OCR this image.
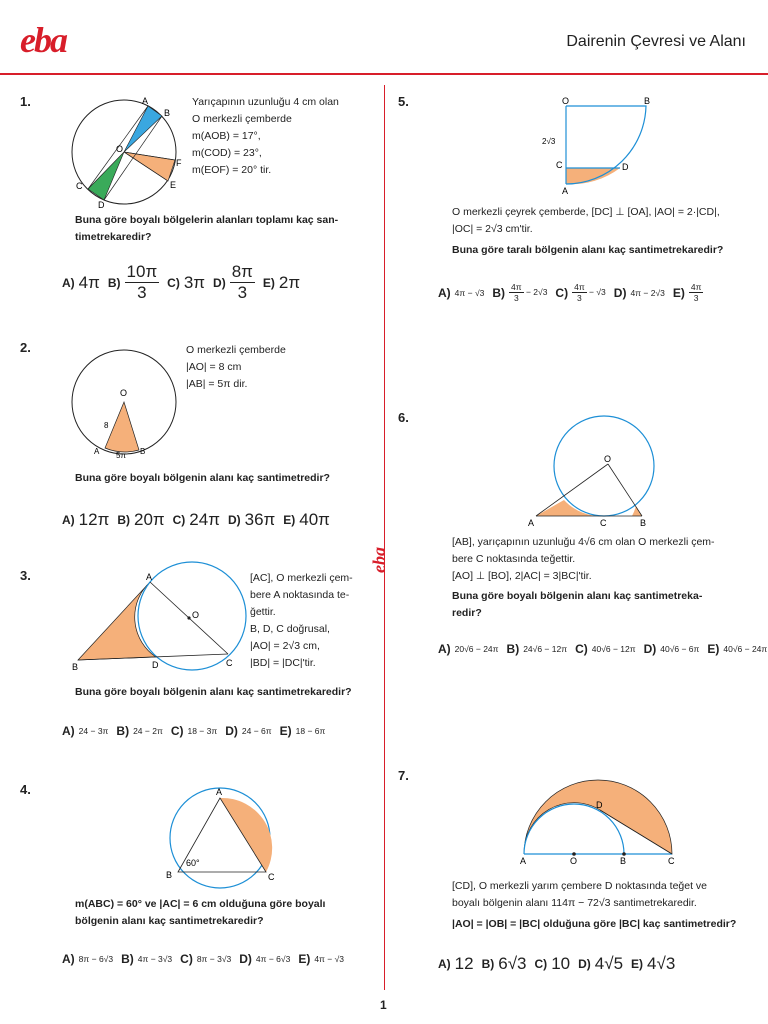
eba	Dairenin Çevresi ve Alanı
eba
1.	A
B
O
F
E
C
D
Yarıçapının uzunluğu 4 cm olan
O merkezli çemberde
m(AOB) = 17°,
m(COD) = 23°,
m(EOF) = 20° tir.
Buna göre boyalı bölgelerin alanları toplamı kaç san-
timetrekaredir?
A) 4π $B) \frac{10\pi}{3} C$) 3π $D) \frac{8\pi}{3} E$) 2π
2.
O
8
A	B
5π
O merkezli çemberde
|AO| = 8 cm
|AB| = 5π dir.
Buna göre boyalı bölgenin alanı kaç santimetredir?
A) 12π B) 20π C) 24π D) 36π E) 40π
3.	A
B	D	C
O
[AC], O merkezli çem-
bere A noktasında te-
ğettir.
B, D, C doğrusal,
|AO| = 2√3 cm,
|BD| = |DC|'tir.
Buna göre boyalı bölgenin alanı kaç santimetrekaredir?
A) 24 − 3π B) 24 − 2π C) 18 − 3π D) 24 − 6π E) 18 − 6π
4.	A
B	C
60°
m(ABC) = 60° ve |AC| = 6 cm olduğuna göre boyalı
bölgenin alanı kaç santimetrekaredir?
A) 8π − 6√3 B) 4π − 3√3 C) 8π − 3√3 D) 4π − 6√3 E) 4π − √3
5.	O	B
2√3
C	D
A
O merkezli çeyrek çemberde, [DC] ⊥ [OA], |AO| = 2·|CD|,
|OC| = 2√3 cm'tir.
Buna göre taralı bölgenin alanı kaç santimetrekaredir?
A) 4π − √3 $B) \frac{4\pi}{3} - 2√3$ $C) \frac{4\pi}{3} - √3$ D) 4π − 2√3 $E) \frac{4\pi}{3}$
6.
O
A	C	B
[AB], yarıçapının uzunluğu 4√6 cm olan O merkezli çem-
bere C noktasında teğettir.
[AO] ⊥ [BO], 2|AC| = 3|BC|'tir.
Buna göre boyalı bölgenin alanı kaç santimetreka-
redir?
A) 20√6 − 24π B) 24√6 − 12π C) 40√6 − 12π D) 40√6 − 6π E) 40√6 − 24π
7.
A	O	B	C
D
[CD], O merkezli yarım çembere D noktasında teğet ve
boyalı bölgenin alanı 114π − 72√3 santimetrekaredir.
|AO| = |OB| = |BC| olduğuna göre |BC| kaç santimetredir?
A) 12 B) 6√3 C) 10 D) 4√5 E) 4√3
1
